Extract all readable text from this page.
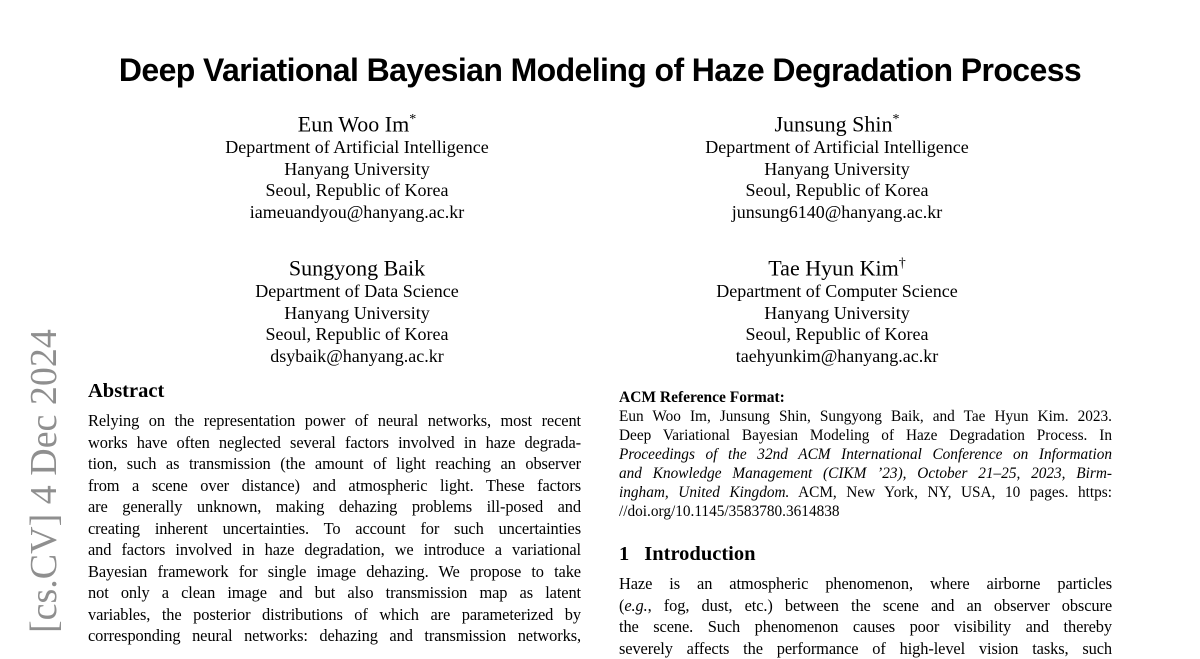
[cs.CV] 4 Dec 2024
Deep Variational Bayesian Modeling of Haze Degradation Process
Eun Woo Im*
Department of Artificial Intelligence
Hanyang University
Seoul, Republic of Korea
iameuandyou@hanyang.ac.kr
Junsung Shin*
Department of Artificial Intelligence
Hanyang University
Seoul, Republic of Korea
junsung6140@hanyang.ac.kr
Sungyong Baik
Department of Data Science
Hanyang University
Seoul, Republic of Korea
dsybaik@hanyang.ac.kr
Tae Hyun Kim†
Department of Computer Science
Hanyang University
Seoul, Republic of Korea
taehyunkim@hanyang.ac.kr
Abstract
Relying on the representation power of neural networks, most recent
works have often neglected several factors involved in haze degrada-
tion, such as transmission (the amount of light reaching an observer
from a scene over distance) and atmospheric light. These factors
are generally unknown, making dehazing problems ill-posed and
creating inherent uncertainties. To account for such uncertainties
and factors involved in haze degradation, we introduce a variational
Bayesian framework for single image dehazing. We propose to take
not only a clean image and but also transmission map as latent
variables, the posterior distributions of which are parameterized by
corresponding neural networks: dehazing and transmission networks,
ACM Reference Format:
Eun Woo Im, Junsung Shin, Sungyong Baik, and Tae Hyun Kim. 2023.
Deep Variational Bayesian Modeling of Haze Degradation Process. In
Proceedings of the 32nd ACM International Conference on Information
and Knowledge Management (CIKM ’23), October 21–25, 2023, Birm-
ingham, United Kingdom. ACM, New York, NY, USA, 10 pages. https:
//doi.org/10.1145/3583780.3614838
1 Introduction
Haze is an atmospheric phenomenon, where airborne particles
(e.g., fog, dust, etc.) between the scene and an observer obscure
the scene. Such phenomenon causes poor visibility and thereby
severely affects the performance of high-level vision tasks, such
